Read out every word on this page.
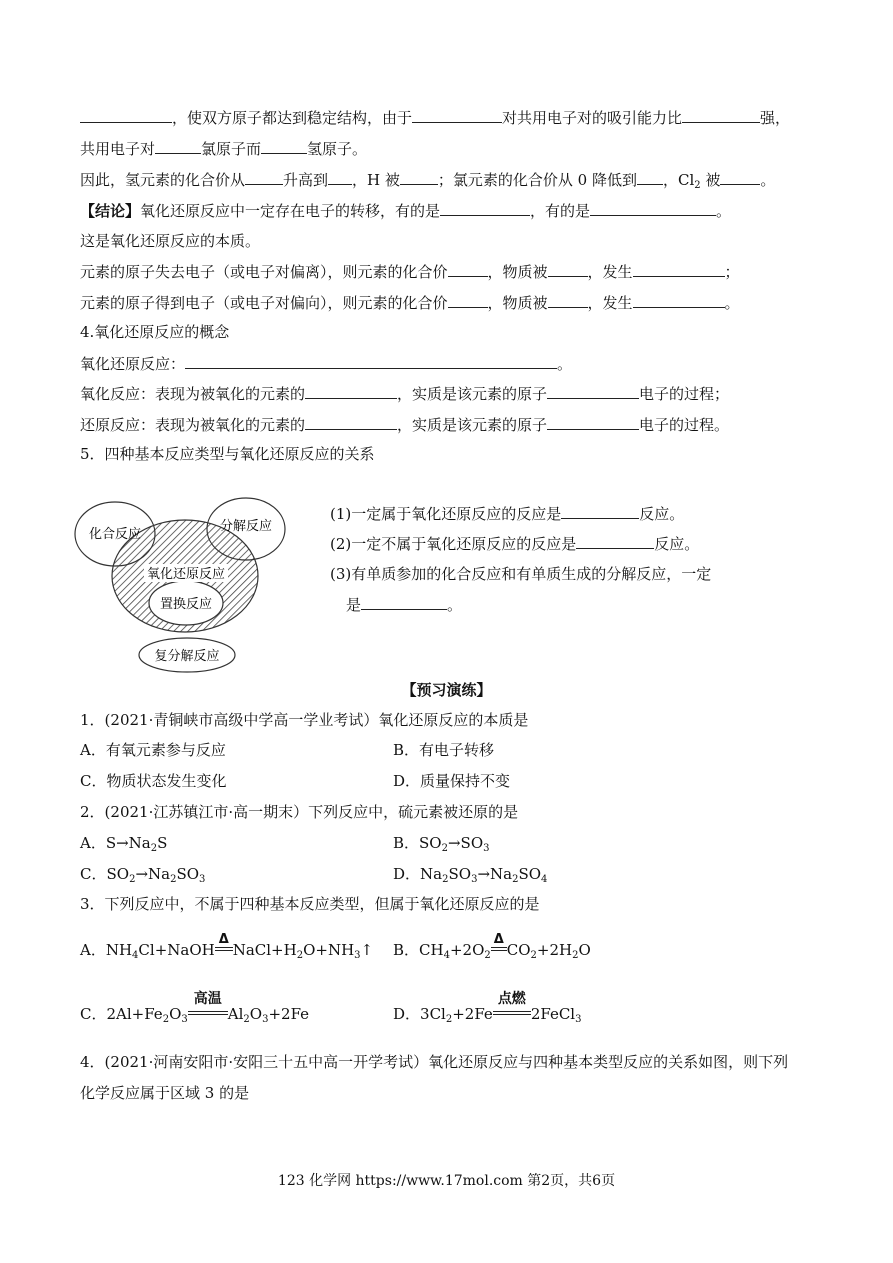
，使双方原子都达到稳定结构，由于	对共用电子对的吸引能力比	强，
共用电子对	氯原子而	氢原子。
因此，氢元素的化合价从	升高到 ，H 被	；氯元素的化合价从 0 降低到 ，$Cl_2$ 被	。
【结论】氧化还原反应中一定存在电子的转移，有的是	，有的是	。
这是氧化还原反应的本质。
元素的原子失去电子（或电子对偏离），则元素的化合价	，物质被	，发生	；
元素的原子得到电子（或电子对偏向），则元素的化合价	，物质被	，发生	。
4.氧化还原反应的概念
氧化还原反应：	。
氧化反应：表现为被氧化的元素的	，实质是该元素的原子	电子的过程；
还原反应：表现为被氧化的元素的	，实质是该元素的原子	电子的过程。
5．四种基本反应类型与氧化还原反应的关系
化合反应
分解反应
氧化还原反应
置换反应
复分解反应
(1)一定属于氧化还原反应的反应是	反应。
(2)一定不属于氧化还原反应的反应是	反应。
(3)有单质参加的化合反应和有单质生成的分解反应，一定
是	。
【预习演练】
1．(2021·青铜峡市高级中学高一学业考试）氧化还原反应的本质是
A．有氧元素参与反应	B．有电子转移
C．物质状态发生变化	D．质量保持不变
2．(2021·江苏镇江市·高一期末）下列反应中，硫元素被还原的是
A．$S\to Na_2S$	B．$SO_2\to SO_3$
C．$SO_2\to Na_2SO_3$	D．$Na_2SO_3\to Na_2SO_4$
3．下列反应中，不属于四种基本反应类型，但属于氧化还原反应的是
A．$NH_4Cl+NaOH$
Δ
$NaCl+H_2O+NH_3↑$ B．$CH_4+2O_2$
Δ
$CO_2+2H_2O$
C．$2Al+Fe_2O_3$
高温
$Al_2O_3+2Fe$	D．$3Cl_2+2Fe$
点燃
2FeCl$_3$
4．(2021·河南安阳市·安阳三十五中高一开学考试）氧化还原反应与四种基本类型反应的关系如图，则下列
化学反应属于区域 3 的是
123 化学网 https://www.17mol.com 第2页，共6页
